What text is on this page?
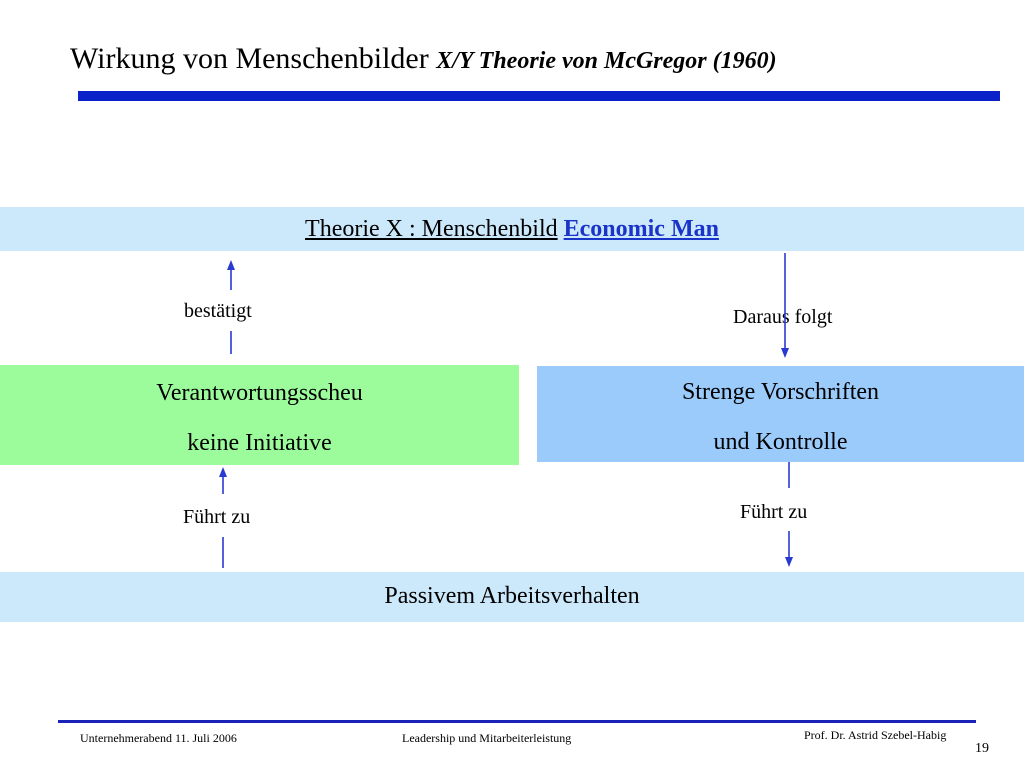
Wirkung von Menschenbilder X/Y Theorie von McGregor (1960)
Theorie X : Menschenbild Economic Man
Verantwortungsscheu
keine Initiative
Strenge Vorschriften
und Kontrolle
Passivem Arbeitsverhalten
bestätigt	Daraus folgt
Führt zu	Führt zu
Unternehmerabend 11. Juli 2006	Leadership und Mitarbeiterleistung	Prof. Dr. Astrid Szebel-Habig
19
